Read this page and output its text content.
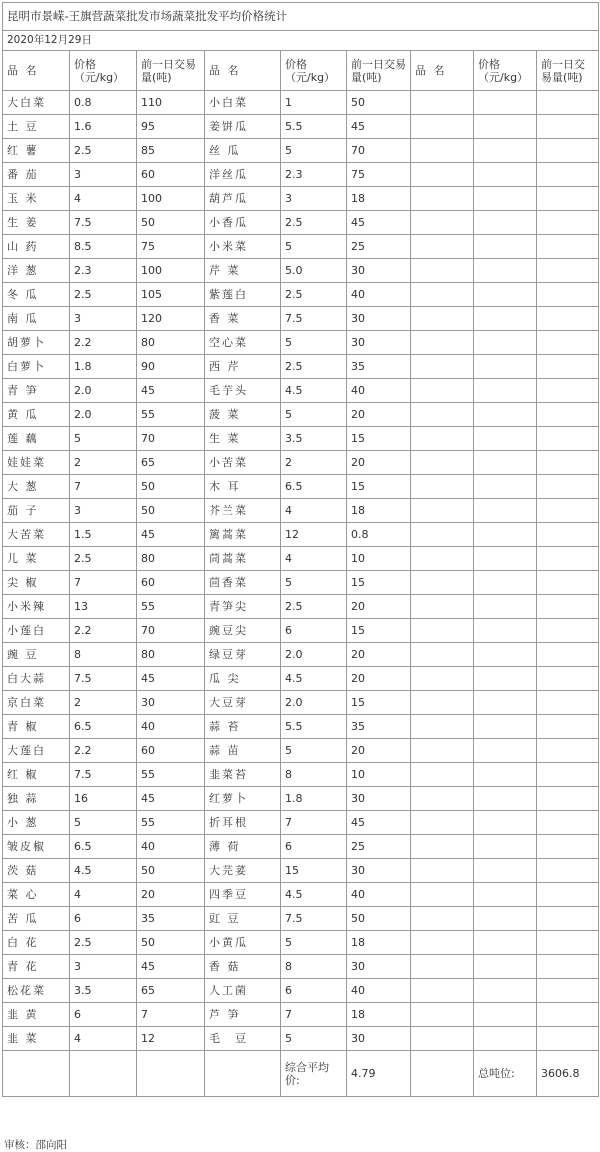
昆明市景嵘-王旗营蔬菜批发市场蔬菜批发平均价格统计								
2020年12月29日								
品 名	价格（元/kg）	前一日交易量(吨)	品 名	价格（元/kg）	前一日交易量(吨)	品 名	价格（元/kg）	前一日交易量(吨)
大白菜	0.8	110	小白菜	1	50			
土 豆	1.6	95	姜饼瓜	5.5	45			
红 薯	2.5	85	丝 瓜	5	70			
番 茄	3	60	洋丝瓜	2.3	75			
玉 米	4	100	葫芦瓜	3	18			
生 姜	7.5	50	小香瓜	2.5	45			
山 药	8.5	75	小米菜	5	25			
洋 葱	2.3	100	芹 菜	5.0	30			
冬 瓜	2.5	105	紫莲白	2.5	40			
南 瓜	3	120	香 菜	7.5	30			
胡萝卜	2.2	80	空心菜	5	30			
白萝卜	1.8	90	西 芹	2.5	35			
青 笋	2.0	45	毛芋头	4.5	40			
黄 瓜	2.0	55	菠 菜	5	20			
莲 藕	5	70	生 菜	3.5	15			
娃娃菜	2	65	小苦菜	2	20			
大 葱	7	50	木 耳	6.5	15			
茄 子	3	50	芥兰菜	4	18			
大苦菜	1.5	45	篱蒿菜	12	0.8			
儿 菜	2.5	80	茼蒿菜	4	10			
尖 椒	7	60	茴香菜	5	15			
小米辣	13	55	青笋尖	2.5	20			
小莲白	2.2	70	豌豆尖	6	15			
豌 豆	8	80	绿豆芽	2.0	20			
白大蒜	7.5	45	瓜 尖	4.5	20			
京白菜	2	30	大豆芽	2.0	15			
青 椒	6.5	40	蒜 苔	5.5	35			
大莲白	2.2	60	蒜 苗	5	20			
红 椒	7.5	55	韭菜苔	8	10			
独 蒜	16	45	红萝卜	1.8	30			
小 葱	5	55	折耳根	7	45			
皱皮椒	6.5	40	薄 荷	6	25			
茨 菇	4.5	50	大芫荽	15	30			
菜 心	4	20	四季豆	4.5	40			
苦 瓜	6	35	豇 豆	7.5	50			
白 花	2.5	50	小黄瓜	5	18			
青 花	3	45	香 菇	8	30			
松花菜	3.5	65	人工菌	6	40			
韭 黄	6	7	芦 笋	7	18			
韭 菜	4	12	毛　豆	5	30			
				综合平均价:	4.79		总吨位:	3606.8
审核：邵向阳
